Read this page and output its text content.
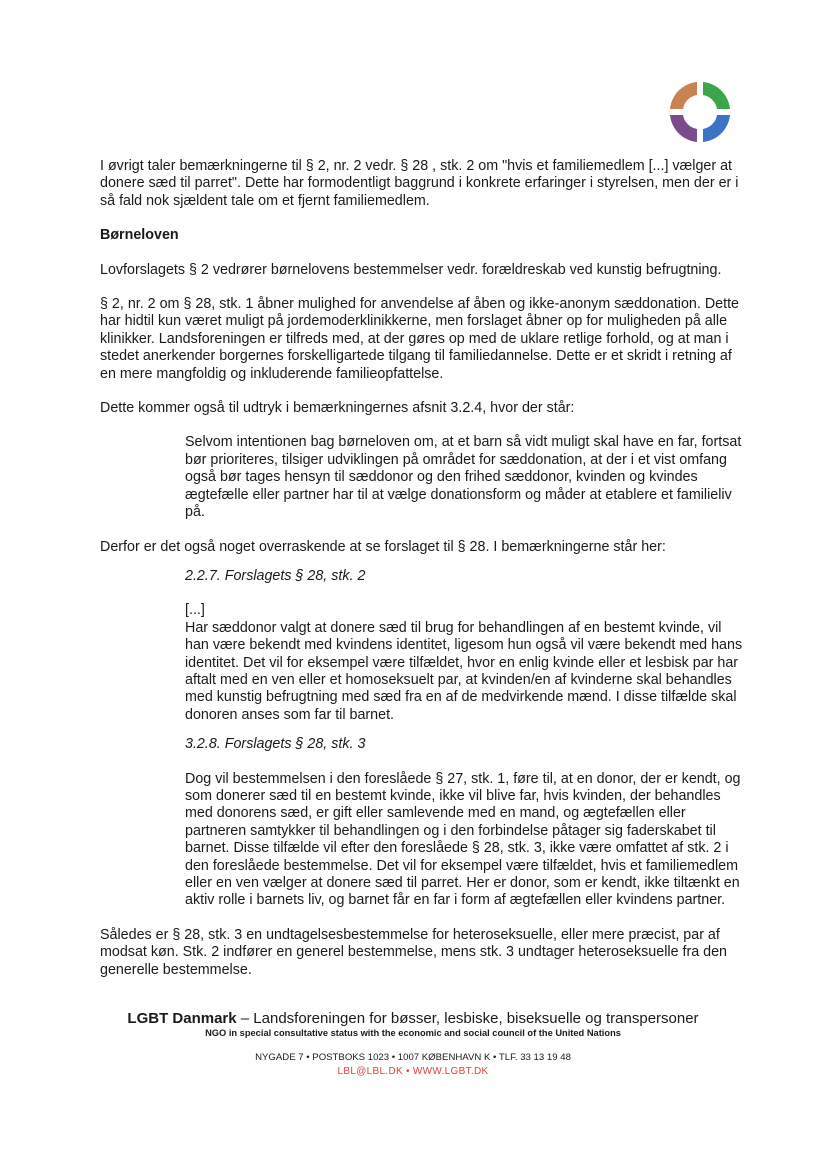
I øvrigt taler bemærkningerne til § 2, nr. 2 vedr. § 28 , stk. 2 om "hvis et familiemedlem [...] vælger at donere sæd til parret". Dette har formodentligt baggrund i konkrete erfaringer i styrelsen, men der er i så fald nok sjældent tale om et fjernt familiemedlem.

Børneloven

Lovforslagets § 2 vedrører børnelovens bestemmelser vedr. forældreskab ved kunstig befrugtning.

§ 2, nr. 2 om § 28, stk. 1 åbner mulighed for anvendelse af åben og ikke-anonym sæddonation. Dette har hidtil kun været muligt på jordemoderklinikkerne, men forslaget åbner op for muligheden på alle klinikker. Landsforeningen er tilfreds med, at der gøres op med de uklare retlige forhold, og at man i stedet anerkender borgernes forskelligartede tilgang til familiedannelse. Dette er et skridt i retning af en mere mangfoldig og inkluderende familieopfattelse.

Dette kommer også til udtryk i bemærkningernes afsnit 3.2.4, hvor der står:

Selvom intentionen bag børneloven om, at et barn så vidt muligt skal have en far, fortsat bør prioriteres, tilsiger udviklingen på området for sæddonation, at der i et vist omfang også bør tages hensyn til sæddonor og den frihed sæddonor, kvinden og kvindes ægtefælle eller partner har til at vælge donationsform og måder at etablere et familieliv på.

Derfor er det også noget overraskende at se forslaget til § 28. I bemærkningerne står her:

2.2.7. Forslagets § 28, stk. 2

[...]

Har sæddonor valgt at donere sæd til brug for behandlingen af en bestemt kvinde, vil han være bekendt med kvindens identitet, ligesom hun også vil være bekendt med hans identitet. Det vil for eksempel være tilfældet, hvor en enlig kvinde eller et lesbisk par har aftalt med en ven eller et homoseksuelt par, at kvinden/en af kvinderne skal behandles med kunstig befrugtning med sæd fra en af de medvirkende mænd. I disse tilfælde skal donoren anses som far til barnet.

3.2.8. Forslagets § 28, stk. 3

Dog vil bestemmelsen i den foreslåede § 27, stk. 1, føre til, at en donor, der er kendt, og som donerer sæd til en bestemt kvinde, ikke vil blive far, hvis kvinden, der behandles med donorens sæd, er gift eller samlevende med en mand, og ægtefællen eller partneren samtykker til behandlingen og i den forbindelse påtager sig faderskabet til barnet. Disse tilfælde vil efter den foreslåede § 28, stk. 3, ikke være omfattet af stk. 2 i den foreslåede bestemmelse. Det vil for eksempel være tilfældet, hvis et familiemedlem eller en ven vælger at donere sæd til parret. Her er donor, som er kendt, ikke tiltænkt en aktiv rolle i barnets liv, og barnet får en far i form af ægtefællen eller kvindens partner.

Således er § 28, stk. 3 en undtagelsesbestemmelse for heteroseksuelle, eller mere præcist, par af modsat køn. Stk. 2 indfører en generel bestemmelse, mens stk. 3 undtager heteroseksuelle fra den generelle bestemmelse.

LGBT Danmark – Landsforeningen for bøsser, lesbiske, biseksuelle og transpersoner
NGO in special consultative status with the economic and social council of the United Nations
NYGADE 7 • POSTBOKS 1023 • 1007 KØBENHAVN K • TLF. 33 13 19 48
LBL@LBL.DK • WWW.LGBT.DK
